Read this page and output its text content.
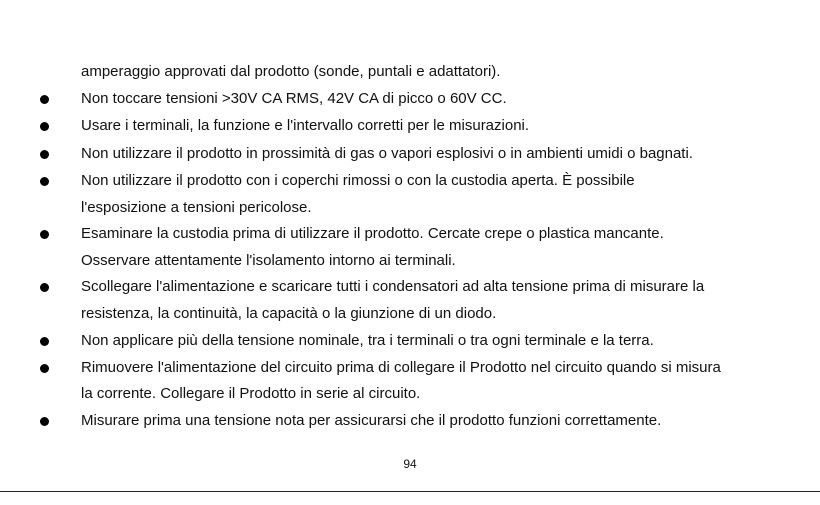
amperaggio approvati dal prodotto (sonde, puntali e adattatori).
Non toccare tensioni >30V CA RMS, 42V CA di picco o 60V CC.
Usare i terminali, la funzione e l'intervallo corretti per le misurazioni.
Non utilizzare il prodotto in prossimità di gas o vapori esplosivi o in ambienti umidi o bagnati.
Non utilizzare il prodotto con i coperchi rimossi o con la custodia aperta. È possibile
l'esposizione a tensioni pericolose.
Esaminare la custodia prima di utilizzare il prodotto. Cercate crepe o plastica mancante.
Osservare attentamente l'isolamento intorno ai terminali.
Scollegare l'alimentazione e scaricare tutti i condensatori ad alta tensione prima di misurare la
resistenza, la continuità, la capacità o la giunzione di un diodo.
Non applicare più della tensione nominale, tra i terminali o tra ogni terminale e la terra.
Rimuovere l'alimentazione del circuito prima di collegare il Prodotto nel circuito quando si misura
la corrente. Collegare il Prodotto in serie al circuito.
Misurare prima una tensione nota per assicurarsi che il prodotto funzioni correttamente.
94
